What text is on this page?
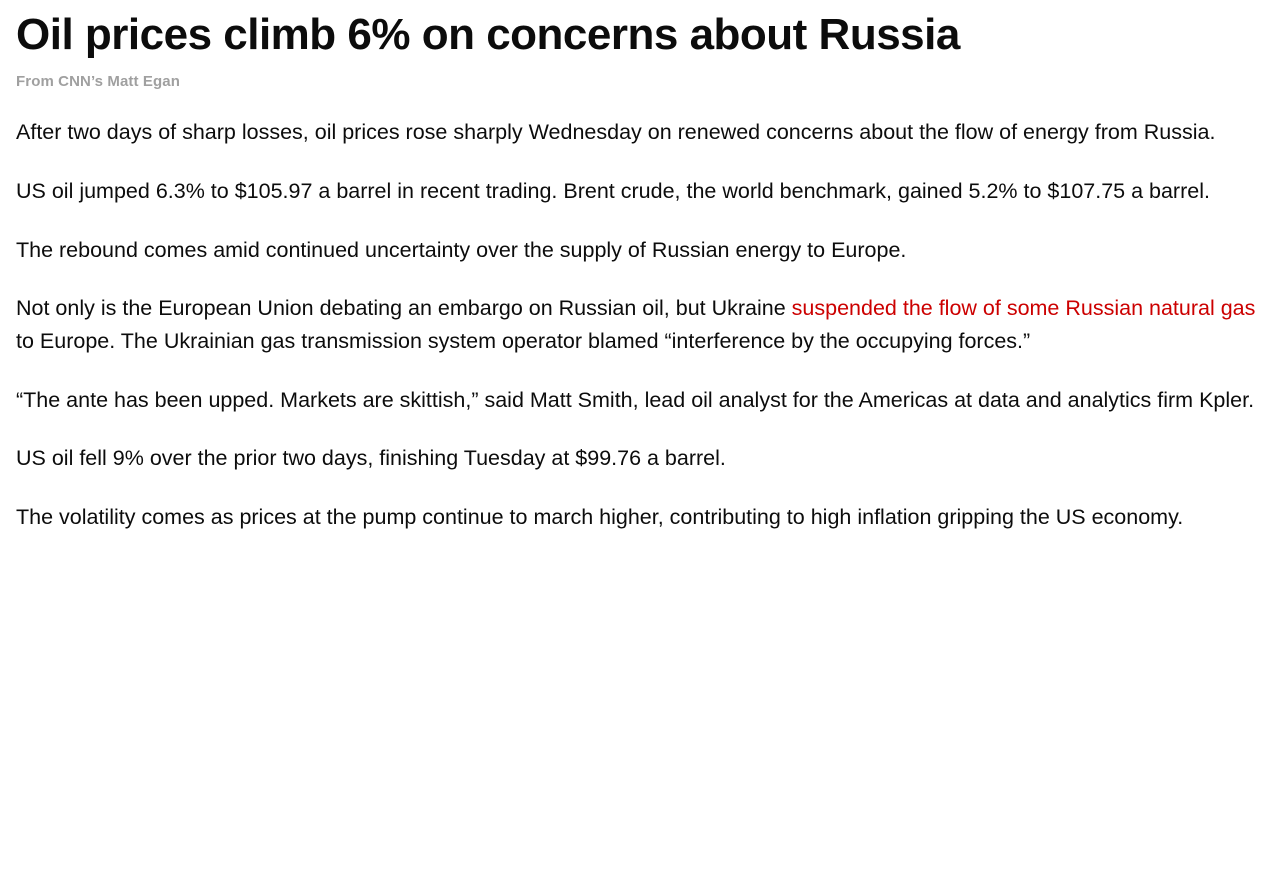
Oil prices climb 6% on concerns about Russia
From CNN’s Matt Egan

After two days of sharp losses, oil prices rose sharply Wednesday on renewed concerns about the flow of energy from Russia.

US oil jumped 6.3% to $105.97 a barrel in recent trading. Brent crude, the world benchmark, gained 5.2% to $107.75 a barrel.

The rebound comes amid continued uncertainty over the supply of Russian energy to Europe.

Not only is the European Union debating an embargo on Russian oil, but Ukraine suspended the flow of some Russian natural gas to Europe. The Ukrainian gas transmission system operator blamed “interference by the occupying forces.”

“The ante has been upped. Markets are skittish,” said Matt Smith, lead oil analyst for the Americas at data and analytics firm Kpler.

US oil fell 9% over the prior two days, finishing Tuesday at $99.76 a barrel.

The volatility comes as prices at the pump continue to march higher, contributing to high inflation gripping the US economy.
